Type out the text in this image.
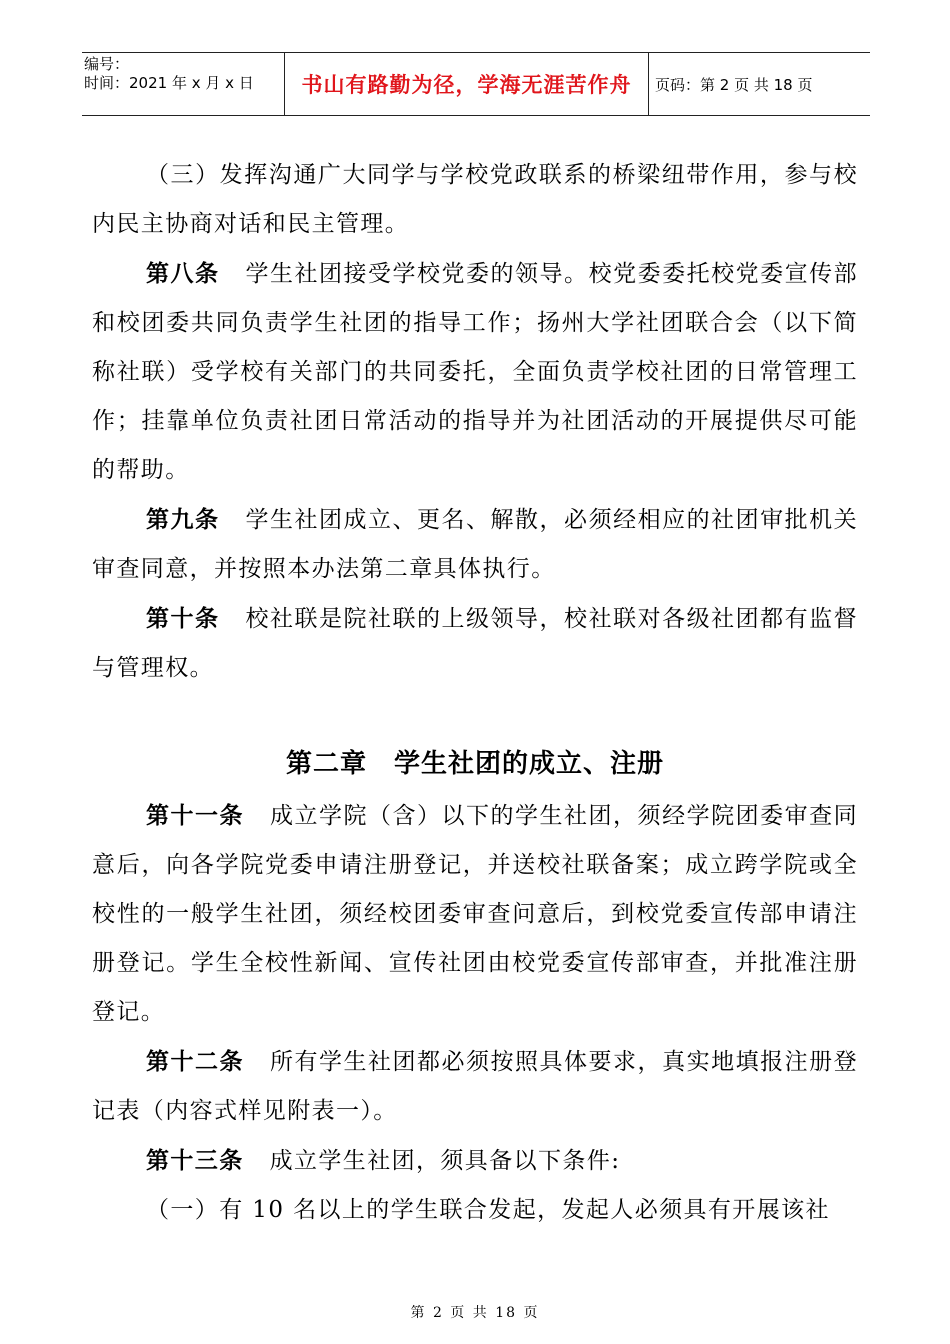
编号：
时间：2021 年 x 月 x 日	书山有路勤为径，学海无涯苦作舟	页码：第 2 页 共 18 页

（三）发挥沟通广大同学与学校党政联系的桥梁纽带作用，参与校内民主协商对话和民主管理。

第八条 学生社团接受学校党委的领导。校党委委托校党委宣传部和校团委共同负责学生社团的指导工作；扬州大学社团联合会（以下简称社联）受学校有关部门的共同委托，全面负责学校社团的日常管理工作；挂靠单位负责社团日常活动的指导并为社团活动的开展提供尽可能的帮助。

第九条 学生社团成立、更名、解散，必须经相应的社团审批机关审查同意，并按照本办法第二章具体执行。

第十条 校社联是院社联的上级领导，校社联对各级社团都有监督与管理权。

第二章　学生社团的成立、注册

第十一条 成立学院（含）以下的学生社团，须经学院团委审查同意后，向各学院党委申请注册登记，并送校社联备案；成立跨学院或全校性的一般学生社团，须经校团委审查问意后，到校党委宣传部申请注册登记。学生全校性新闻、宣传社团由校党委宣传部审查，并批准注册登记。

第十二条 所有学生社团都必须按照具体要求，真实地填报注册登记表（内容式样见附表一）。

第十三条 成立学生社团，须具备以下条件:

（一）有 10 名以上的学生联合发起，发起人必须具有开展该社

第 2 页 共 18 页
